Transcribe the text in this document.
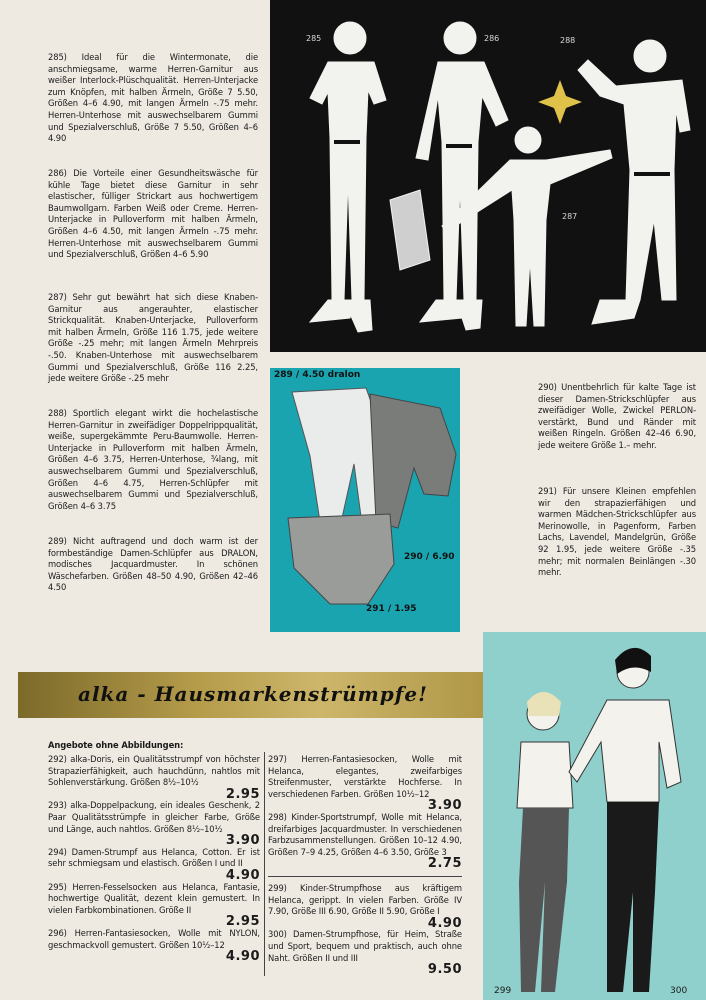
285) Ideal für die Wintermonate, die anschmiegsame, warme Herren-Garnitur aus weißer Interlock-Plüschqualität. Herren-Unterjacke zum Knöpfen, mit halben Ärmeln, Größe 7 5.50, Größen 4–6 4.90, mit langen Ärmeln -.75 mehr. Herren-Unterhose mit auswechselbarem Gummi und Spezialverschluß, Größe 7 5.50, Größen 4–6 4.90
286) Die Vorteile einer Gesundheitswäsche für kühle Tage bietet diese Garnitur in sehr elastischer, fülliger Strickart aus hochwertigem Baumwollgarn. Farben Weiß oder Creme. Herren-Unterjacke in Pulloverform mit halben Ärmeln, Größen 4–6 4.50, mit langen Ärmeln -.75 mehr. Herren-Unterhose mit auswechselbarem Gummi und Spezialverschluß, Größen 4–6 5.90
287) Sehr gut bewährt hat sich diese Knaben-Garnitur aus angerauhter, elastischer Strickqualität. Knaben-Unterjacke, Pulloverform mit halben Ärmeln, Größe 116 1.75, jede weitere Größe -.25 mehr; mit langen Ärmeln Mehrpreis -.50. Knaben-Unterhose mit auswechselbarem Gummi und Spezialverschluß, Größe 116 2.25, jede weitere Größe -.25 mehr
288) Sportlich elegant wirkt die hochelastische Herren-Garnitur in zweifädiger Doppelrippqualität, weiße, supergekämmte Peru-Baumwolle. Herren-Unterjacke in Pulloverform mit halben Ärmeln, Größen 4–6 3.75, Herren-Unterhose, ¾lang, mit auswechselbarem Gummi und Spezialverschluß, Größen 4–6 4.75, Herren-Schlüpfer mit auswechselbarem Gummi und Spezialverschluß, Größen 4–6 3.75
289) Nicht auftragend und doch warm ist der formbeständige Damen-Schlüpfer aus DRALON, modisches Jacquardmuster. In schönen Wäschefarben. Größen 48–50 4.90, Größen 42–46 4.50
285	286	288
287
289 / 4.50 dralon
290 / 6.90
291 / 1.95
290) Unentbehrlich für kalte Tage ist dieser Damen-Strickschlüpfer aus zweifädiger Wolle, Zwickel PERLON-verstärkt, Bund und Ränder mit weißen Ringeln. Größen 42–46 6.90, jede weitere Größe 1.– mehr.
291) Für unsere Kleinen empfehlen wir den strapazierfähigen und warmen Mädchen-Strickschlüpfer aus Merinowolle, in Pagenform, Farben Lachs, Lavendel, Mandelgrün, Größe 92 1.95, jede weitere Größe -.35 mehr; mit normalen Beinlängen -.30 mehr.
alka - Hausmarkenstrümpfe!
Angebote ohne Abbildungen:
292) alka-Doris, ein Qualitätsstrumpf von höchster Strapazierfähigkeit, auch hauchdünn, nahtlos mit Sohlenverstärkung. Größen 8½–10½
2.95
293) alka-Doppelpackung, ein ideales Geschenk, 2 Paar Qualitätsstrümpfe in gleicher Farbe, Größe und Länge, auch nahtlos. Größen 8½–10½
3.90
294) Damen-Strumpf aus Helanca, Cotton. Er ist sehr schmiegsam und elastisch. Größen I und II
4.90
295) Herren-Fesselsocken aus Helanca, Fantasie, hochwertige Qualität, dezent klein gemustert. In vielen Farbkombinationen. Größe II
2.95
296) Herren-Fantasiesocken, Wolle mit NYLON, geschmackvoll gemustert. Größen 10½–12
4.90
297) Herren-Fantasiesocken, Wolle mit Helanca, elegantes, zweifarbiges Streifenmuster, verstärkte Hochferse. In verschiedenen Farben. Größen 10½–12
3.90
298) Kinder-Sportstrumpf, Wolle mit Helanca, dreifarbiges Jacquardmuster. In verschiedenen Farbzusammenstellungen. Größen 10–12 4.90, Größen 7–9 4.25, Größen 4–6 3.50, Größe 3
2.75
299) Kinder-Strumpfhose aus kräftigem Helanca, gerippt. In vielen Farben. Größe IV 7.90, Größe III 6.90, Größe II 5.90, Größe I
4.90
300) Damen-Strumpfhose, für Heim, Straße und Sport, bequem und praktisch, auch ohne Naht. Größen II und III
9.50
299	300
